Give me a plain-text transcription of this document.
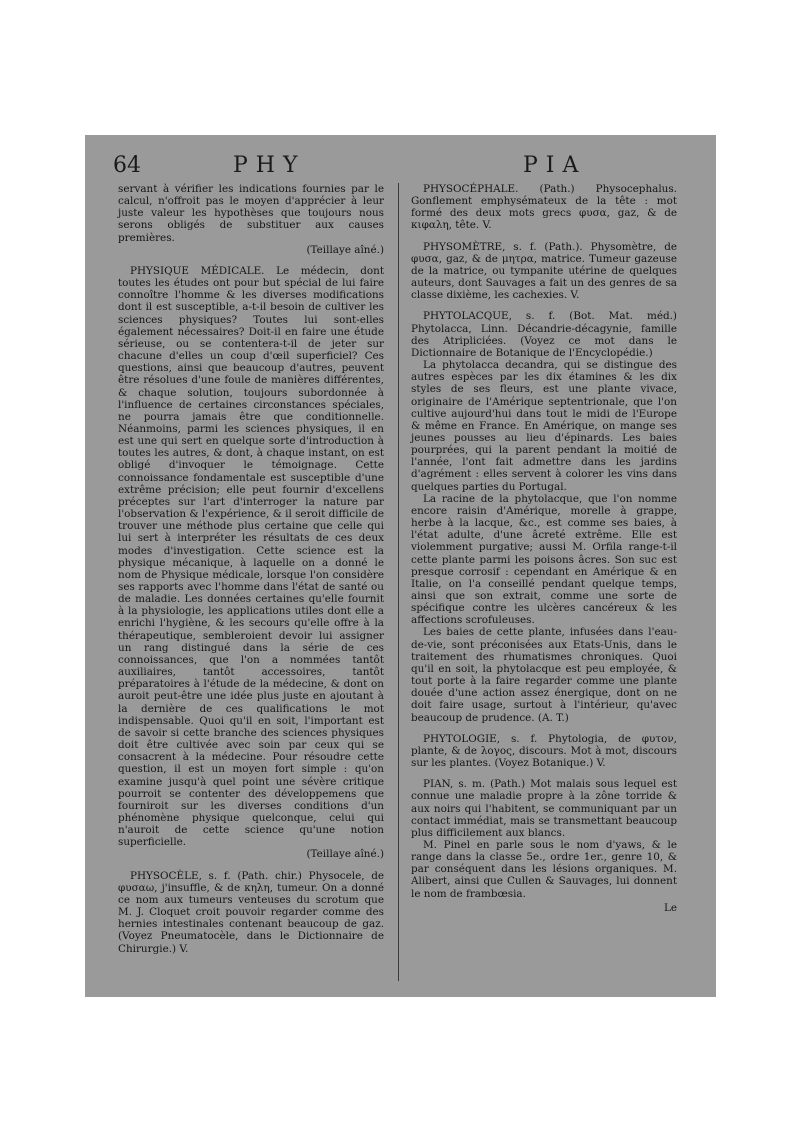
64	PHY	PIA

servant à vérifier les indications fournies par le calcul, n'offroit pas le moyen d'apprécier à leur juste valeur les hypothèses que toujours nous serons obligés de substituer aux causes premières.

(Teillaye aîné.)

PHYSIQUE MÉDICALE. Le médecin, dont toutes les études ont pour but spécial de lui faire connoître l'homme & les diverses modifications dont il est susceptible, a-t-il besoin de cultiver les sciences physiques? Toutes lui sont-elles également nécessaires? Doit-il en faire une étude sérieuse, ou se contentera-t-il de jeter sur chacune d'elles un coup d'œil superficiel? Ces questions, ainsi que beaucoup d'autres, peuvent être résolues d'une foule de manières différentes, & chaque solution, toujours subordonnée à l'influence de certaines circonstances spéciales, ne pourra jamais être que conditionnelle. Néanmoins, parmi les sciences physiques, il en est une qui sert en quelque sorte d'introduction à toutes les autres, & dont, à chaque instant, on est obligé d'invoquer le témoignage. Cette connoissance fondamentale est susceptible d'une extrême précision; elle peut fournir d'excellens préceptes sur l'art d'interroger la nature par l'observation & l'expérience, & il seroit difficile de trouver une méthode plus certaine que celle qui lui sert à interpréter les résultats de ces deux modes d'investigation. Cette science est la physique mécanique, à laquelle on a donné le nom de Physique médicale, lorsque l'on considère ses rapports avec l'homme dans l'état de santé ou de maladie. Les données certaines qu'elle fournit à la physiologie, les applications utiles dont elle a enrichi l'hygiène, & les secours qu'elle offre à la thérapeutique, sembleroient devoir lui assigner un rang distingué dans la série de ces connoissances, que l'on a nommées tantôt auxiliaires, tantôt accessoires, tantôt préparatoires à l'étude de la médecine, & dont on auroit peut-être une idée plus juste en ajoutant à la dernière de ces qualifications le mot indispensable. Quoi qu'il en soit, l'important est de savoir si cette branche des sciences physiques doit être cultivée avec soin par ceux qui se consacrent à la médecine. Pour résoudre cette question, il est un moyen fort simple : qu'on examine jusqu'à quel point une sévère critique pourroit se contenter des développemens que fourniroit sur les diverses conditions d'un phénomène physique quelconque, celui qui n'auroit de cette science qu'une notion superficielle.

(Teillaye aîné.)

PHYSOCÈLE, s. f. (Path. chir.) Physocele, de φυσαω, j'insuffle, & de κηλη, tumeur. On a donné ce nom aux tumeurs venteuses du scrotum que M. J. Cloquet croit pouvoir regarder comme des hernies intestinales contenant beaucoup de gaz. (Voyez Pneumatocèle, dans le Dictionnaire de Chirurgie.) V.

PHYSOCÉPHALE. (Path.) Physocephalus. Gonflement emphysémateux de la tête : mot formé des deux mots grecs φυσα, gaz, & de κιφαλη, tête. V.

PHYSOMÈTRE, s. f. (Path.). Physomètre, de φυσα, gaz, & de μητρα, matrice. Tumeur gazeuse de la matrice, ou tympanite utérine de quelques auteurs, dont Sauvages a fait un des genres de sa classe dixième, les cachexies. V.

PHYTOLACQUE, s. f. (Bot. Mat. méd.) Phytolacca, Linn. Décandrie-décagynie, famille des Atripliciées. (Voyez ce mot dans le Dictionnaire de Botanique de l'Encyclopédie.)

La phytolacca decandra, qui se distingue des autres espèces par les dix étamines & les dix styles de ses fleurs, est une plante vivace, originaire de l'Amérique septentrionale, que l'on cultive aujourd'hui dans tout le midi de l'Europe & même en France. En Amérique, on mange ses jeunes pousses au lieu d'épinards. Les baies pourprées, qui la parent pendant la moitié de l'année, l'ont fait admettre dans les jardins d'agrément : elles servent à colorer les vins dans quelques parties du Portugal.

La racine de la phytolacque, que l'on nomme encore raisin d'Amérique, morelle à grappe, herbe à la lacque, &c., est comme ses baies, à l'état adulte, d'une âcreté extrême. Elle est violemment purgative; aussi M. Orfila range-t-il cette plante parmi les poisons âcres. Son suc est presque corrosif : cependant en Amérique & en Italie, on l'a conseillé pendant quelque temps, ainsi que son extrait, comme une sorte de spécifique contre les ulcères cancéreux & les affections scrofuleuses.

Les baies de cette plante, infusées dans l'eau-de-vie, sont préconisées aux Etats-Unis, dans le traitement des rhumatismes chroniques. Quoi qu'il en soit, la phytolacque est peu employée, & tout porte à la faire regarder comme une plante douée d'une action assez énergique, dont on ne doit faire usage, surtout à l'intérieur, qu'avec beaucoup de prudence. (A. T.)

PHYTOLOGIE, s. f. Phytologia, de φυτον, plante, & de λογος, discours. Mot à mot, discours sur les plantes. (Voyez Botanique.) V.

PIAN, s. m. (Path.) Mot malais sous lequel est connue une maladie propre à la zône torride & aux noirs qui l'habitent, se communiquant par un contact immédiat, mais se transmettant beaucoup plus difficilement aux blancs.

M. Pinel en parle sous le nom d'yaws, & le range dans la classe 5e., ordre 1er., genre 10, & par conséquent dans les lésions organiques. M. Alibert, ainsi que Cullen & Sauvages, lui donnent le nom de frambœsia.

Le
